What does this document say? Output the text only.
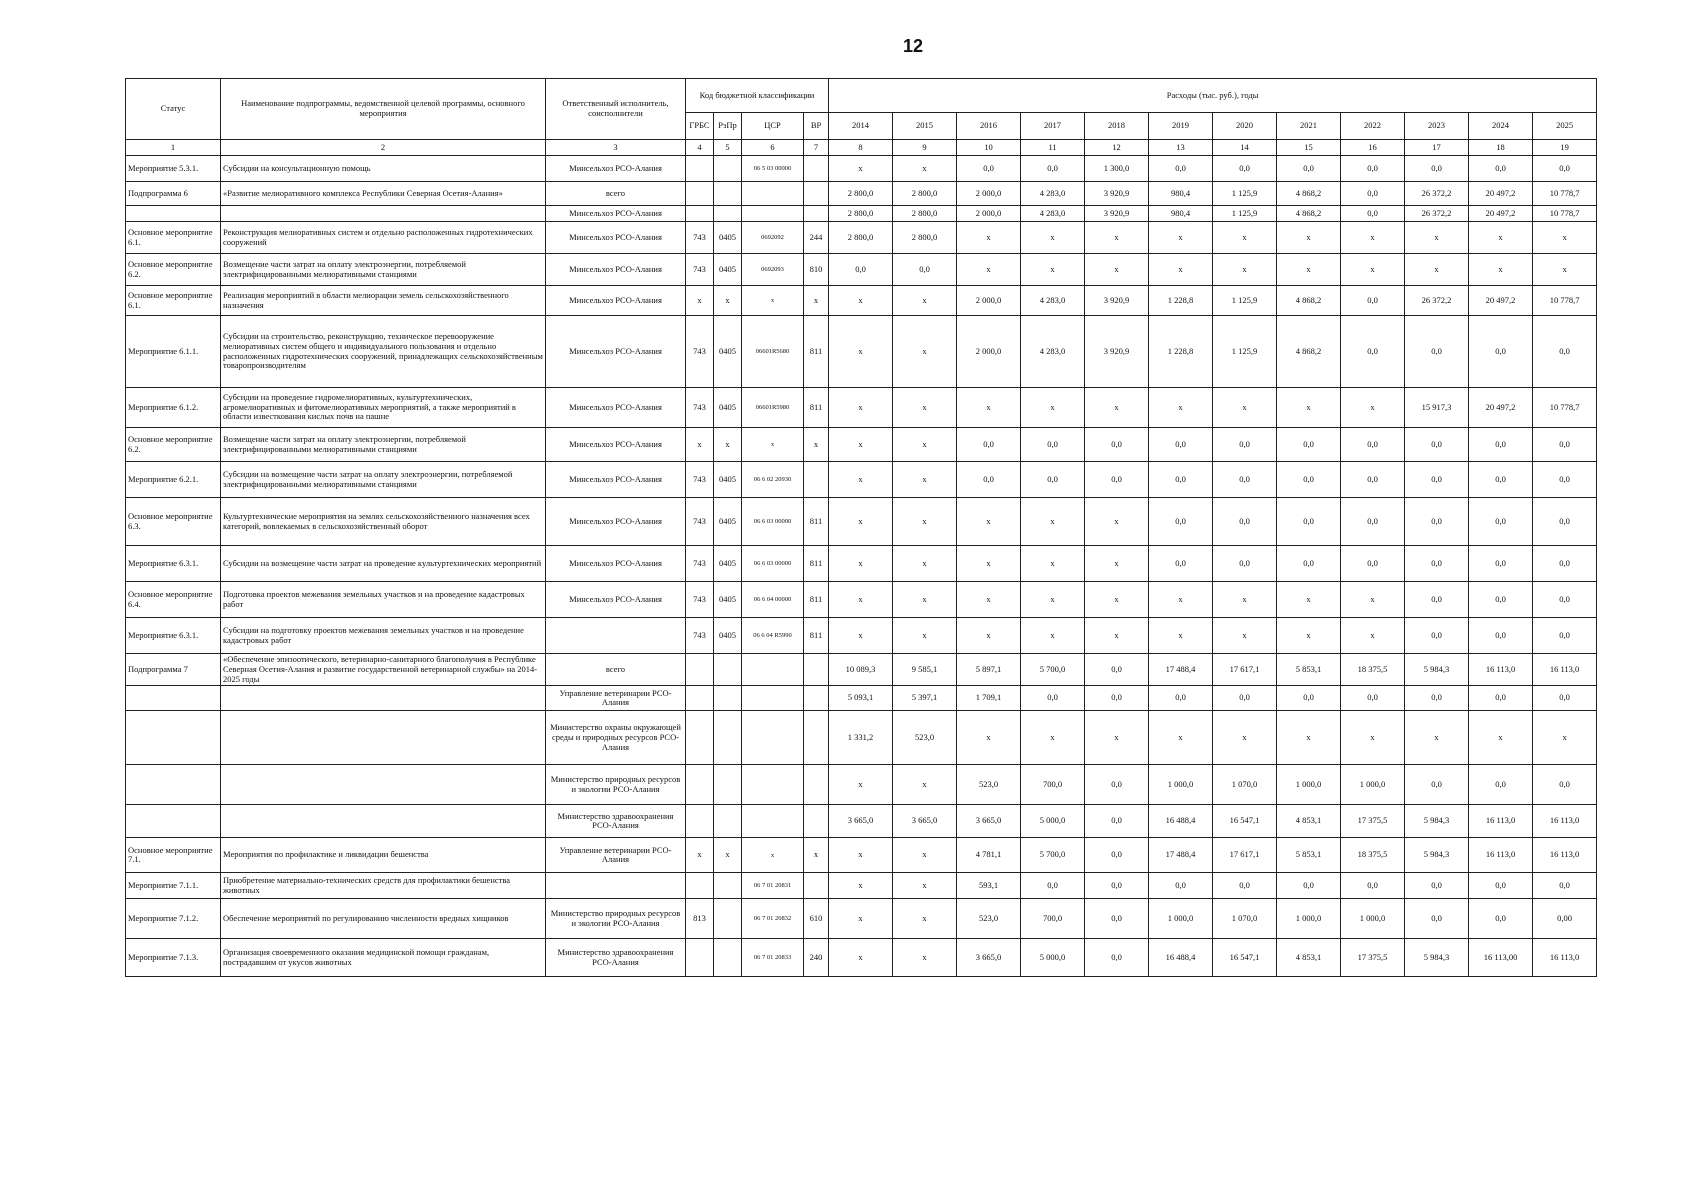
12
Статус	Наименование подпрограммы, ведомственной целевой программы, основного мероприятия	Ответственный исполнитель, соисполнители	Код бюджетной классификации				Расходы (тыс. руб.), годы											
			ГРБС	РзПр	ЦСР	ВР	2014	2015	2016	2017	2018	2019	2020	2021	2022	2023	2024	2025
1	2	3	4	5	6	7	8	9	10	11	12	13	14	15	16	17	18	19
Мероприятие 5.3.1.	Субсидии на консультационную помощь	Минсельхоз РСО-Алания			06 5 03 00000		x	x	0,0	0,0	1 300,0	0,0	0,0	0,0	0,0	0,0	0,0	0,0
Подпрограмма 6	«Развитие мелиоративного комплекса Республики Северная Осетия-Алания»	всего					2 800,0	2 800,0	2 000,0	4 283,0	3 920,9	980,4	1 125,9	4 868,2	0,0	26 372,2	20 497,2	10 778,7
		Минсельхоз РСО-Алания					2 800,0	2 800,0	2 000,0	4 283,0	3 920,9	980,4	1 125,9	4 868,2	0,0	26 372,2	20 497,2	10 778,7
Основное мероприятие 6.1.	Реконструкция мелиоративных систем и отдельно расположенных гидротехнических сооружений	Минсельхоз РСО-Алания	743	0405	0692092	244	2 800,0	2 800,0	x	x	x	x	x	x	x	x	x	x
Основное мероприятие 6.2.	Возмещение части затрат на оплату электроэнергии, потребляемой электрифицированными мелиоративными станциями	Минсельхоз РСО-Алания	743	0405	0692093	810	0,0	0,0	x	x	x	x	x	x	x	x	x	x
Основное мероприятие 6.1.	Реализация мероприятий в области мелиорации земель сельскохозяйственного назначения	Минсельхоз РСО-Алания	x	x	x	x	x	x	2 000,0	4 283,0	3 920,9	1 228,8	1 125,9	4 868,2	0,0	26 372,2	20 497,2	10 778,7
Мероприятие 6.1.1.	Субсидии на строительство, реконструкцию, техническое перевооружение мелиоративных систем общего и индивидуального пользования и отдельно расположенных гидротехнических сооружений, принадлежащих сельскохозяйственным товаропроизводителям	Минсельхоз РСО-Алания	743	0405	06601R5680	811	x	x	2 000,0	4 283,0	3 920,9	1 228,8	1 125,9	4 868,2	0,0	0,0	0,0	0,0
Мероприятие 6.1.2.	Субсидии на проведение гидромелиоративных, культуртехнических, агромелиоративных и фитомелиоративных мероприятий, а также мероприятий в области известкования кислых почв на пашне	Минсельхоз РСО-Алания	743	0405	06601R5980	811	x	x	x	x	x	x	x	x	x	15 917,3	20 497,2	10 778,7
Основное мероприятие 6.2.	Возмещение части затрат на оплату электроэнергии, потребляемой электрифицированными мелиоративными станциями	Минсельхоз РСО-Алания	x	x	x	x	x	x	0,0	0,0	0,0	0,0	0,0	0,0	0,0	0,0	0,0	0,0
Мероприятие 6.2.1.	Субсидии на возмещение части затрат на оплату электроэнергии, потребляемой электрифицированными мелиоративными станциями	Минсельхоз РСО-Алания	743	0405	06 6 02 20930		x	x	0,0	0,0	0,0	0,0	0,0	0,0	0,0	0,0	0,0	0,0
Основное мероприятие 6.3.	Культуртехнические мероприятия на землях сельскохозяйственного назначения всех категорий, вовлекаемых в сельскохозяйственный оборот	Минсельхоз РСО-Алания	743	0405	06 6 03 00000	811	x	x	x	x	x	0,0	0,0	0,0	0,0	0,0	0,0	0,0
Мероприятие 6.3.1.	Субсидии на возмещение части затрат на проведение культуртехнических мероприятий	Минсельхоз РСО-Алания	743	0405	06 6 03 00000	811	x	x	x	x	x	0,0	0,0	0,0	0,0	0,0	0,0	0,0
Основное мероприятие 6.4.	Подготовка проектов межевания земельных участков и на проведение кадастровых работ	Минсельхоз РСО-Алания	743	0405	06 6 04 00000	811	x	x	x	x	x	x	x	x	x	0,0	0,0	0,0
Мероприятие 6.3.1.	Субсидии на подготовку проектов межевания земельных участков и на проведение кадастровых работ		743	0405	06 6 04 R5990	811	x	x	x	x	x	x	x	x	x	0,0	0,0	0,0
Подпрограмма 7	«Обеспечение эпизоотического, ветеринарно-санитарного благополучия в Республике Северная Осетия-Алания и развитие государственной ветеринарной службы» на 2014-2025 годы	всего					10 089,3	9 585,1	5 897,1	5 700,0	0,0	17 488,4	17 617,1	5 853,1	18 375,5	5 984,3	16 113,0	16 113,0
		Управление ветеринарии РСО-Алания					5 093,1	5 397,1	1 709,1	0,0	0,0	0,0	0,0	0,0	0,0	0,0	0,0	0,0
		Министерство охраны окружающей среды и природных ресурсов РСО-Алания					1 331,2	523,0	x	x	x	x	x	x	x	x	x	x
		Министерство природных ресурсов и экологии РСО-Алания					x	x	523,0	700,0	0,0	1 000,0	1 070,0	1 000,0	1 000,0	0,0	0,0	0,0
		Министерство здравоохранения РСО-Алания					3 665,0	3 665,0	3 665,0	5 000,0	0,0	16 488,4	16 547,1	4 853,1	17 375,5	5 984,3	16 113,0	16 113,0
Основное мероприятие 7.1.	Мероприятия по профилактике и ликвидации бешенства	Управление ветеринарии РСО-Алания	x	x	x	x	x	x	4 781,1	5 700,0	0,0	17 488,4	17 617,1	5 853,1	18 375,5	5 984,3	16 113,0	16 113,0
Мероприятие 7.1.1.	Приобретение материально-технических средств для профилактики бешенства животных				06 7 01 20831		x	x	593,1	0,0	0,0	0,0	0,0	0,0	0,0	0,0	0,0	0,0
Мероприятие 7.1.2.	Обеспечение мероприятий по регулированию численности вредных хищников	Министерство природных ресурсов и экологии РСО-Алания	813		06 7 01 20832	610	x	x	523,0	700,0	0,0	1 000,0	1 070,0	1 000,0	1 000,0	0,0	0,0	0,00
Мероприятие 7.1.3.	Организация своевременного оказания медицинской помощи гражданам, пострадавшим от укусов животных	Министерство здравоохранения РСО-Алания			06 7 01 20833	240	x	x	3 665,0	5 000,0	0,0	16 488,4	16 547,1	4 853,1	17 375,5	5 984,3	16 113,00	16 113,0
